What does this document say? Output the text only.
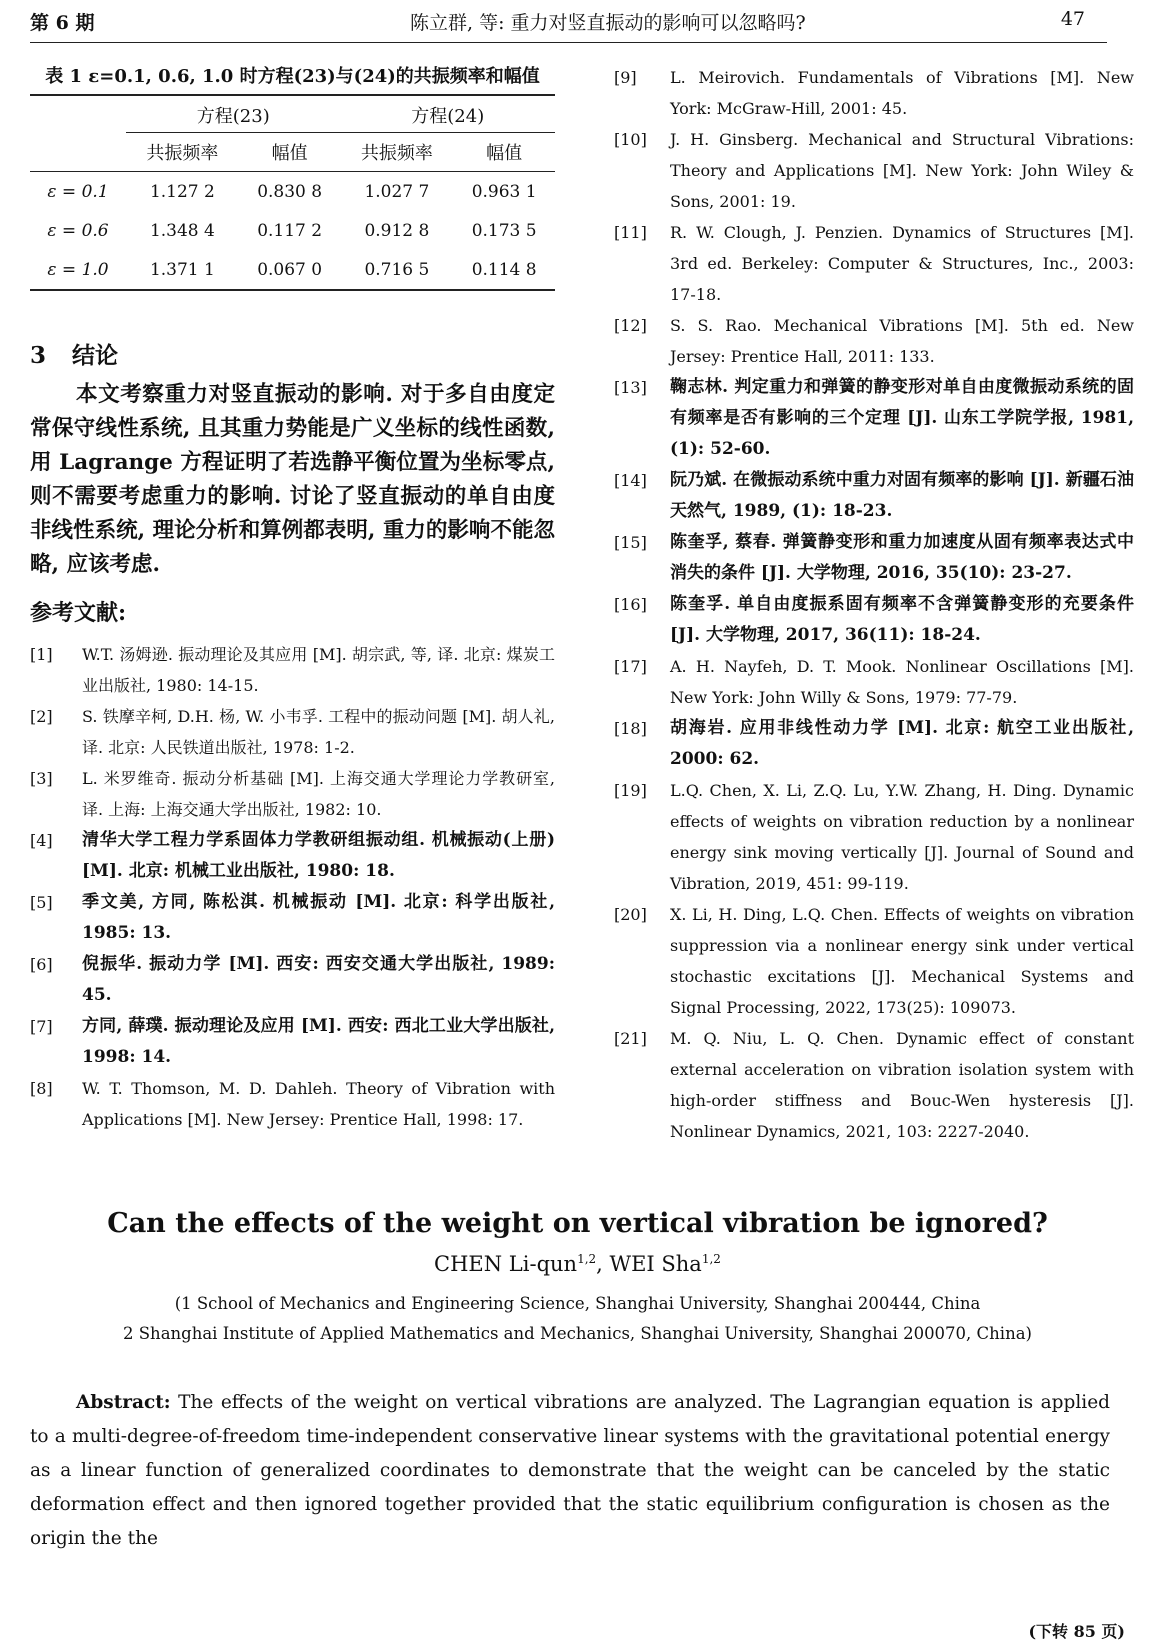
第 6 期	陈立群, 等: 重力对竖直振动的影响可以忽略吗?	47
表 1 ε=0.1, 0.6, 1.0 时方程(23)与(24)的共振频率和幅值
	方程(23)		方程(24)	
	共振频率	幅值	共振频率	幅值
ε = 0.1	1.127 2	0.830 8	1.027 7	0.963 1
ε = 0.6	1.348 4	0.117 2	0.912 8	0.173 5
ε = 1.0	1.371 1	0.067 0	0.716 5	0.114 8
3 结论

本文考察重力对竖直振动的影响. 对于多自由度定常保守线性系统, 且其重力势能是广义坐标的线性函数, 用 Lagrange 方程证明了若选静平衡位置为坐标零点, 则不需要考虑重力的影响. 讨论了竖直振动的单自由度非线性系统, 理论分析和算例都表明, 重力的影响不能忽略, 应该考虑.

参考文献:
[1]	W.T. 汤姆逊. 振动理论及其应用 [M]. 胡宗武, 等, 译. 北京: 煤炭工业出版社, 1980: 14-15.
[2]	S. 铁摩辛柯, D.H. 杨, W. 小韦孚. 工程中的振动问题 [M]. 胡人礼, 译. 北京: 人民铁道出版社, 1978: 1-2.
[3]	L. 米罗维奇. 振动分析基础 [M]. 上海交通大学理论力学教研室, 译. 上海: 上海交通大学出版社, 1982: 10.
[4]	清华大学工程力学系固体力学教研组振动组. 机械振动(上册) [M]. 北京: 机械工业出版社, 1980: 18.
[5]	季文美, 方同, 陈松淇. 机械振动 [M]. 北京: 科学出版社, 1985: 13.
[6]	倪振华. 振动力学 [M]. 西安: 西安交通大学出版社, 1989: 45.
[7]	方同, 薛璞. 振动理论及应用 [M]. 西安: 西北工业大学出版社, 1998: 14.
[8]	W. T. Thomson, M. D. Dahleh. Theory of Vibration with Applications [M]. New Jersey: Prentice Hall, 1998: 17.
[9]	L. Meirovich. Fundamentals of Vibrations [M]. New York: McGraw-Hill, 2001: 45.
[10]	J. H. Ginsberg. Mechanical and Structural Vibrations: Theory and Applications [M]. New York: John Wiley & Sons, 2001: 19.
[11]	R. W. Clough, J. Penzien. Dynamics of Structures [M]. 3rd ed. Berkeley: Computer & Structures, Inc., 2003: 17-18.
[12]	S. S. Rao. Mechanical Vibrations [M]. 5th ed. New Jersey: Prentice Hall, 2011: 133.
[13]	鞠志林. 判定重力和弹簧的静变形对单自由度微振动系统的固有频率是否有影响的三个定理 [J]. 山东工学院学报, 1981, (1): 52-60.
[14]	阮乃斌. 在微振动系统中重力对固有频率的影响 [J]. 新疆石油天然气, 1989, (1): 18-23.
[15]	陈奎孚, 蔡春. 弹簧静变形和重力加速度从固有频率表达式中消失的条件 [J]. 大学物理, 2016, 35(10): 23-27.
[16]	陈奎孚. 单自由度振系固有频率不含弹簧静变形的充要条件 [J]. 大学物理, 2017, 36(11): 18-24.
[17]	A. H. Nayfeh, D. T. Mook. Nonlinear Oscillations [M]. New York: John Willy & Sons, 1979: 77-79.
[18]	胡海岩. 应用非线性动力学 [M]. 北京: 航空工业出版社, 2000: 62.
[19]	L.Q. Chen, X. Li, Z.Q. Lu, Y.W. Zhang, H. Ding. Dynamic effects of weights on vibration reduction by a nonlinear energy sink moving vertically [J]. Journal of Sound and Vibration, 2019, 451: 99-119.
[20]	X. Li, H. Ding, L.Q. Chen. Effects of weights on vibration suppression via a nonlinear energy sink under vertical stochastic excitations [J]. Mechanical Systems and Signal Processing, 2022, 173(25): 109073.
[21]	M. Q. Niu, L. Q. Chen. Dynamic effect of constant external acceleration on vibration isolation system with high-order stiffness and Bouc-Wen hysteresis [J]. Nonlinear Dynamics, 2021, 103: 2227-2040.
Can the effects of the weight on vertical vibration be ignored?
CHEN Li-qun$^{1,2}$, WEI Sha$^{1,2}$
(1 School of Mechanics and Engineering Science, Shanghai University, Shanghai 200444, China
2 Shanghai Institute of Applied Mathematics and Mechanics, Shanghai University, Shanghai 200070, China)

Abstract: The effects of the weight on vertical vibrations are analyzed. The Lagrangian equation is applied to a multi-degree-of-freedom time-independent conservative linear systems with the gravitational potential energy as a linear function of generalized coordinates to demonstrate that the weight can be canceled by the static deformation effect and then ignored together provided that the static equilibrium configuration is chosen as the origin the the

(下转 85 页)
